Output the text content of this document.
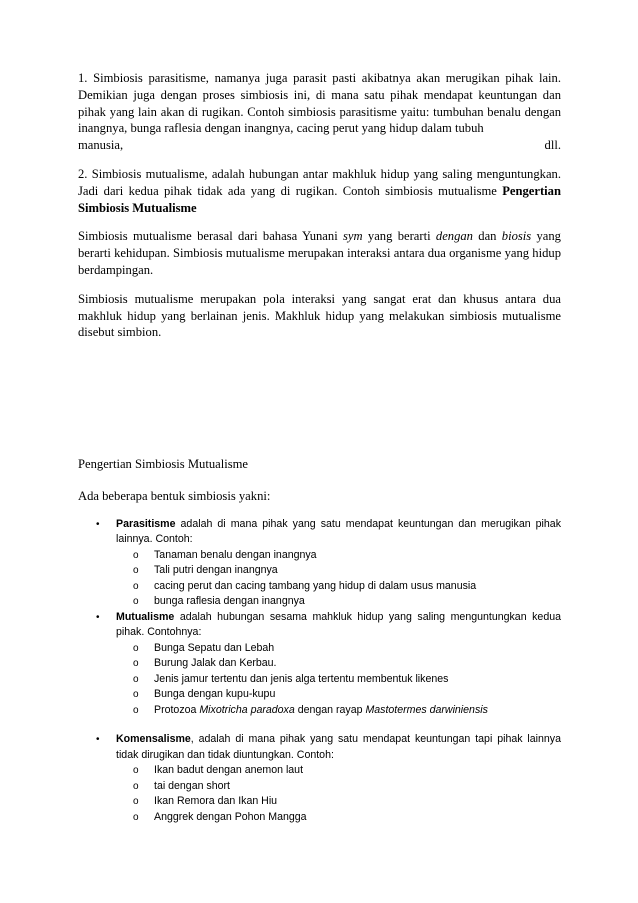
1. Simbiosis parasitisme, namanya juga parasit pasti akibatnya akan merugikan pihak lain. Demikian juga dengan proses simbiosis ini, di mana satu pihak mendapat keuntungan dan pihak yang lain akan di rugikan. Contoh simbiosis parasitisme yaitu: tumbuhan benalu dengan inangnya, bunga raflesia dengan inangnya, cacing perut yang hidup dalam tubuh

manusia,	dll.

2. Simbiosis mutualisme, adalah hubungan antar makhluk hidup yang saling menguntungkan. Jadi dari kedua pihak tidak ada yang di rugikan. Contoh simbiosis mutualisme Pengertian Simbiosis Mutualisme

Simbiosis mutualisme berasal dari bahasa Yunani sym yang berarti dengan dan biosis yang berarti kehidupan. Simbiosis mutualisme merupakan interaksi antara dua organisme yang hidup berdampingan.

Simbiosis mutualisme merupakan pola interaksi yang sangat erat dan khusus antara dua makhluk hidup yang berlainan jenis. Makhluk hidup yang melakukan simbiosis mutualisme disebut simbion.

Pengertian Simbiosis Mutualisme

Ada beberapa bentuk simbiosis yakni:

• Parasitisme adalah di mana pihak yang satu mendapat keuntungan dan merugikan pihak lainnya. Contoh:
o Tanaman benalu dengan inangnya
o Tali putri dengan inangnya
o cacing perut dan cacing tambang yang hidup di dalam usus manusia
o bunga raflesia dengan inangnya
• Mutualisme adalah hubungan sesama mahkluk hidup yang saling menguntungkan kedua pihak. Contohnya:
o Bunga Sepatu dan Lebah
o Burung Jalak dan Kerbau.
o Jenis jamur tertentu dan jenis alga tertentu membentuk likenes
o Bunga dengan kupu-kupu
o Protozoa Mixotricha paradoxa dengan rayap Mastotermes darwiniensis
• Komensalisme, adalah di mana pihak yang satu mendapat keuntungan tapi pihak lainnya tidak dirugikan dan tidak diuntungkan. Contoh:
o Ikan badut dengan anemon laut
o tai dengan short
o Ikan Remora dan Ikan Hiu
o Anggrek dengan Pohon Mangga
